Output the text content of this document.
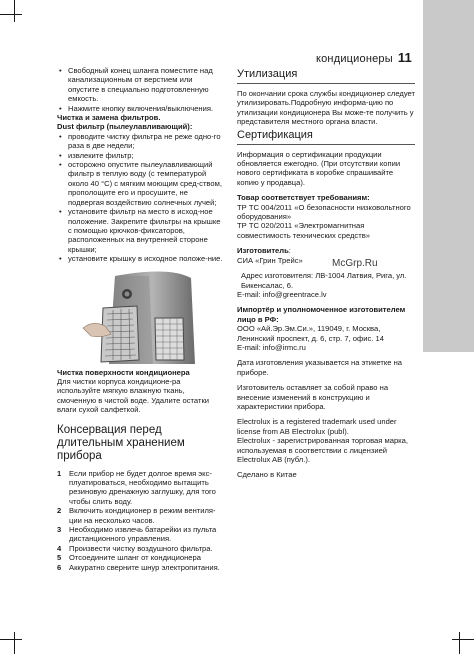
кондиционеры 11
• Свободный конец шланга поместите над канализационным от верстием или опустите в специально подготовленную емкость.
• Нажмите кнопку включения/выключения.
Чистка и замена фильтров.
Dust фильтр (пылеулавливающий):
• проводите чистку фильтра не реже одно-го раза в две недели;
• извлеките фильтр;
• осторожно опустите пылеулавливающий фильтр в теплую воду (с температурой около 40 °С) с мягким моющим сред-ством, прополощите его и просушите, не подвергая воздействию солнечных лучей;
• установите фильтр на место в исход-ное положение. Закрепите фильтры на крышке с помощью крючков-фиксаторов, расположенных на внутренней стороне крышки;
• установите крышку в исходное положе-ние.
Чистка поверхности кондиционера
Для чистки корпуса кондиционе-ра используйте мягкую влажную ткань, смоченную в чистой воде. Удалите остатки влаги сухой салфеткой.
Консервация перед длительным хранением прибора
1 Если прибор не будет долгое время экс-плуатироваться, необходимо вытащить резиновую дренажную заглушку, для того чтобы слить воду.
2 Включить кондиционер в режим вентиля-ции на несколько часов.
3 Необходимо извлечь батарейки из пульта дистанционного управления.
4 Произвести чистку воздушного фильтра.
5 Отсоедините шланг от кондиционера
6 Аккуратно сверните шнур электропитания.
Утилизация
По окончании срока службы кондиционер следует утилизировать.Подробную информа-цию по утилизации кондиционера Вы може-те получить у представителя местного органа власти.
Сертификация
Информация о сертификации продукции обновляется ежегодно. (При отсутствии копии нового сертификата в коробке спрашивайте копию у продавца).
Товар соответствует требованиям:
ТР ТС 004/2011 «О безопасности низковольтного оборудования»
ТР ТС 020/2011 «Электромагнитная совместимость технических средств»
Изготовитель:
СИА «Грин Трейс»
Адрес изготовителя: ЛВ-1004 Латвия, Рига, ул. Бикенсалас, 6.
E-mail: info@greentrace.lv
Импортёр и уполномоченное изготовителем лицо в РФ:
ООО «Ай.Эр.Эм.Си.», 119049, г. Москва, Ленинский проспект, д. 6, стр. 7, офис. 14
E-mail: info@irmc.ru
Дата изготовления указывается на этикетке на приборе.
Изготовитель оставляет за собой право на внесение изменений в конструкцию и характеристики прибора.
Electrolux is a registered trademark used under license from AB Electrolux (publ).
Electrolux - зарегистрированная торговая марка, используемая в соответствии с лицензией Electrolux AB (публ.).
Сделано в Китае
McGrp.Ru
